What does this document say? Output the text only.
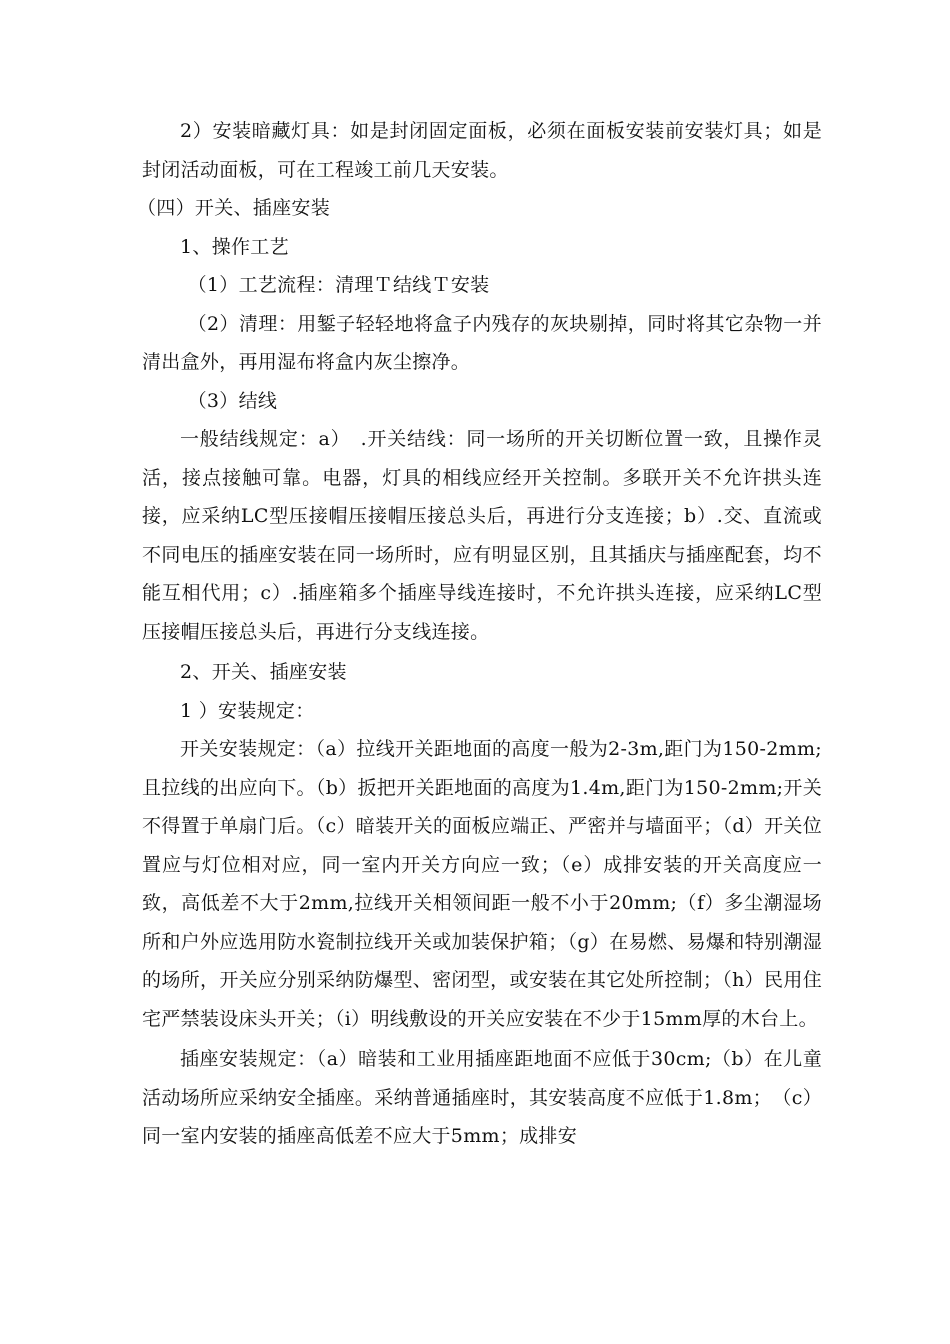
2）安装暗藏灯具：如是封闭固定面板，必须在面板安装前安装灯具；如是封闭活动面板，可在工程竣工前几天安装。

（四）开关、插座安装

1、操作工艺

（1）工艺流程：清理Ｔ结线Ｔ安装

（2）清理：用錾子轻轻地将盒子内残存的灰块剔掉，同时将其它杂物一并清出盒外，再用湿布将盒内灰尘擦净。

（3）结线

一般结线规定：a）　.开关结线：同一场所的开关切断位置一致，且操作灵活，接点接触可靠。电器，灯具的相线应经开关控制。多联开关不允许拱头连接，应采纳LC型压接帽压接帽压接总头后，再进行分支连接；b）.交、直流或不同电压的插座安装在同一场所时，应有明显区别，且其插庆与插座配套，均不能互相代用；c）.插座箱多个插座导线连接时，不允许拱头连接，应采纳LC型压接帽压接总头后，再进行分支线连接。

2、开关、插座安装

1 ）安装规定：

开关安装规定：（a）拉线开关距地面的高度一般为2-3m,距门为150-2mm;且拉线的出应向下。（b）扳把开关距地面的高度为1.4m,距门为150-2mm;开关不得置于单扇门后。（c）暗装开关的面板应端正、严密并与墙面平；（d）开关位置应与灯位相对应，同一室内开关方向应一致；（e）成排安装的开关高度应一致，高低差不大于2mm,拉线开关相领间距一般不小于20mm;（f）多尘潮湿场所和户外应选用防水瓷制拉线开关或加装保护箱；（g）在易燃、易爆和特别潮湿的场所，开关应分别采纳防爆型、密闭型，或安装在其它处所控制；（h）民用住宅严禁装设床头开关；（i）明线敷设的开关应安装在不少于15mm厚的木台上。

插座安装规定：（a）暗装和工业用插座距地面不应低于30cm;（b）在儿童活动场所应采纳安全插座。采纳普通插座时，其安装高度不应低于1.8m；　（c）同一室内安装的插座高低差不应大于5mm；成排安
